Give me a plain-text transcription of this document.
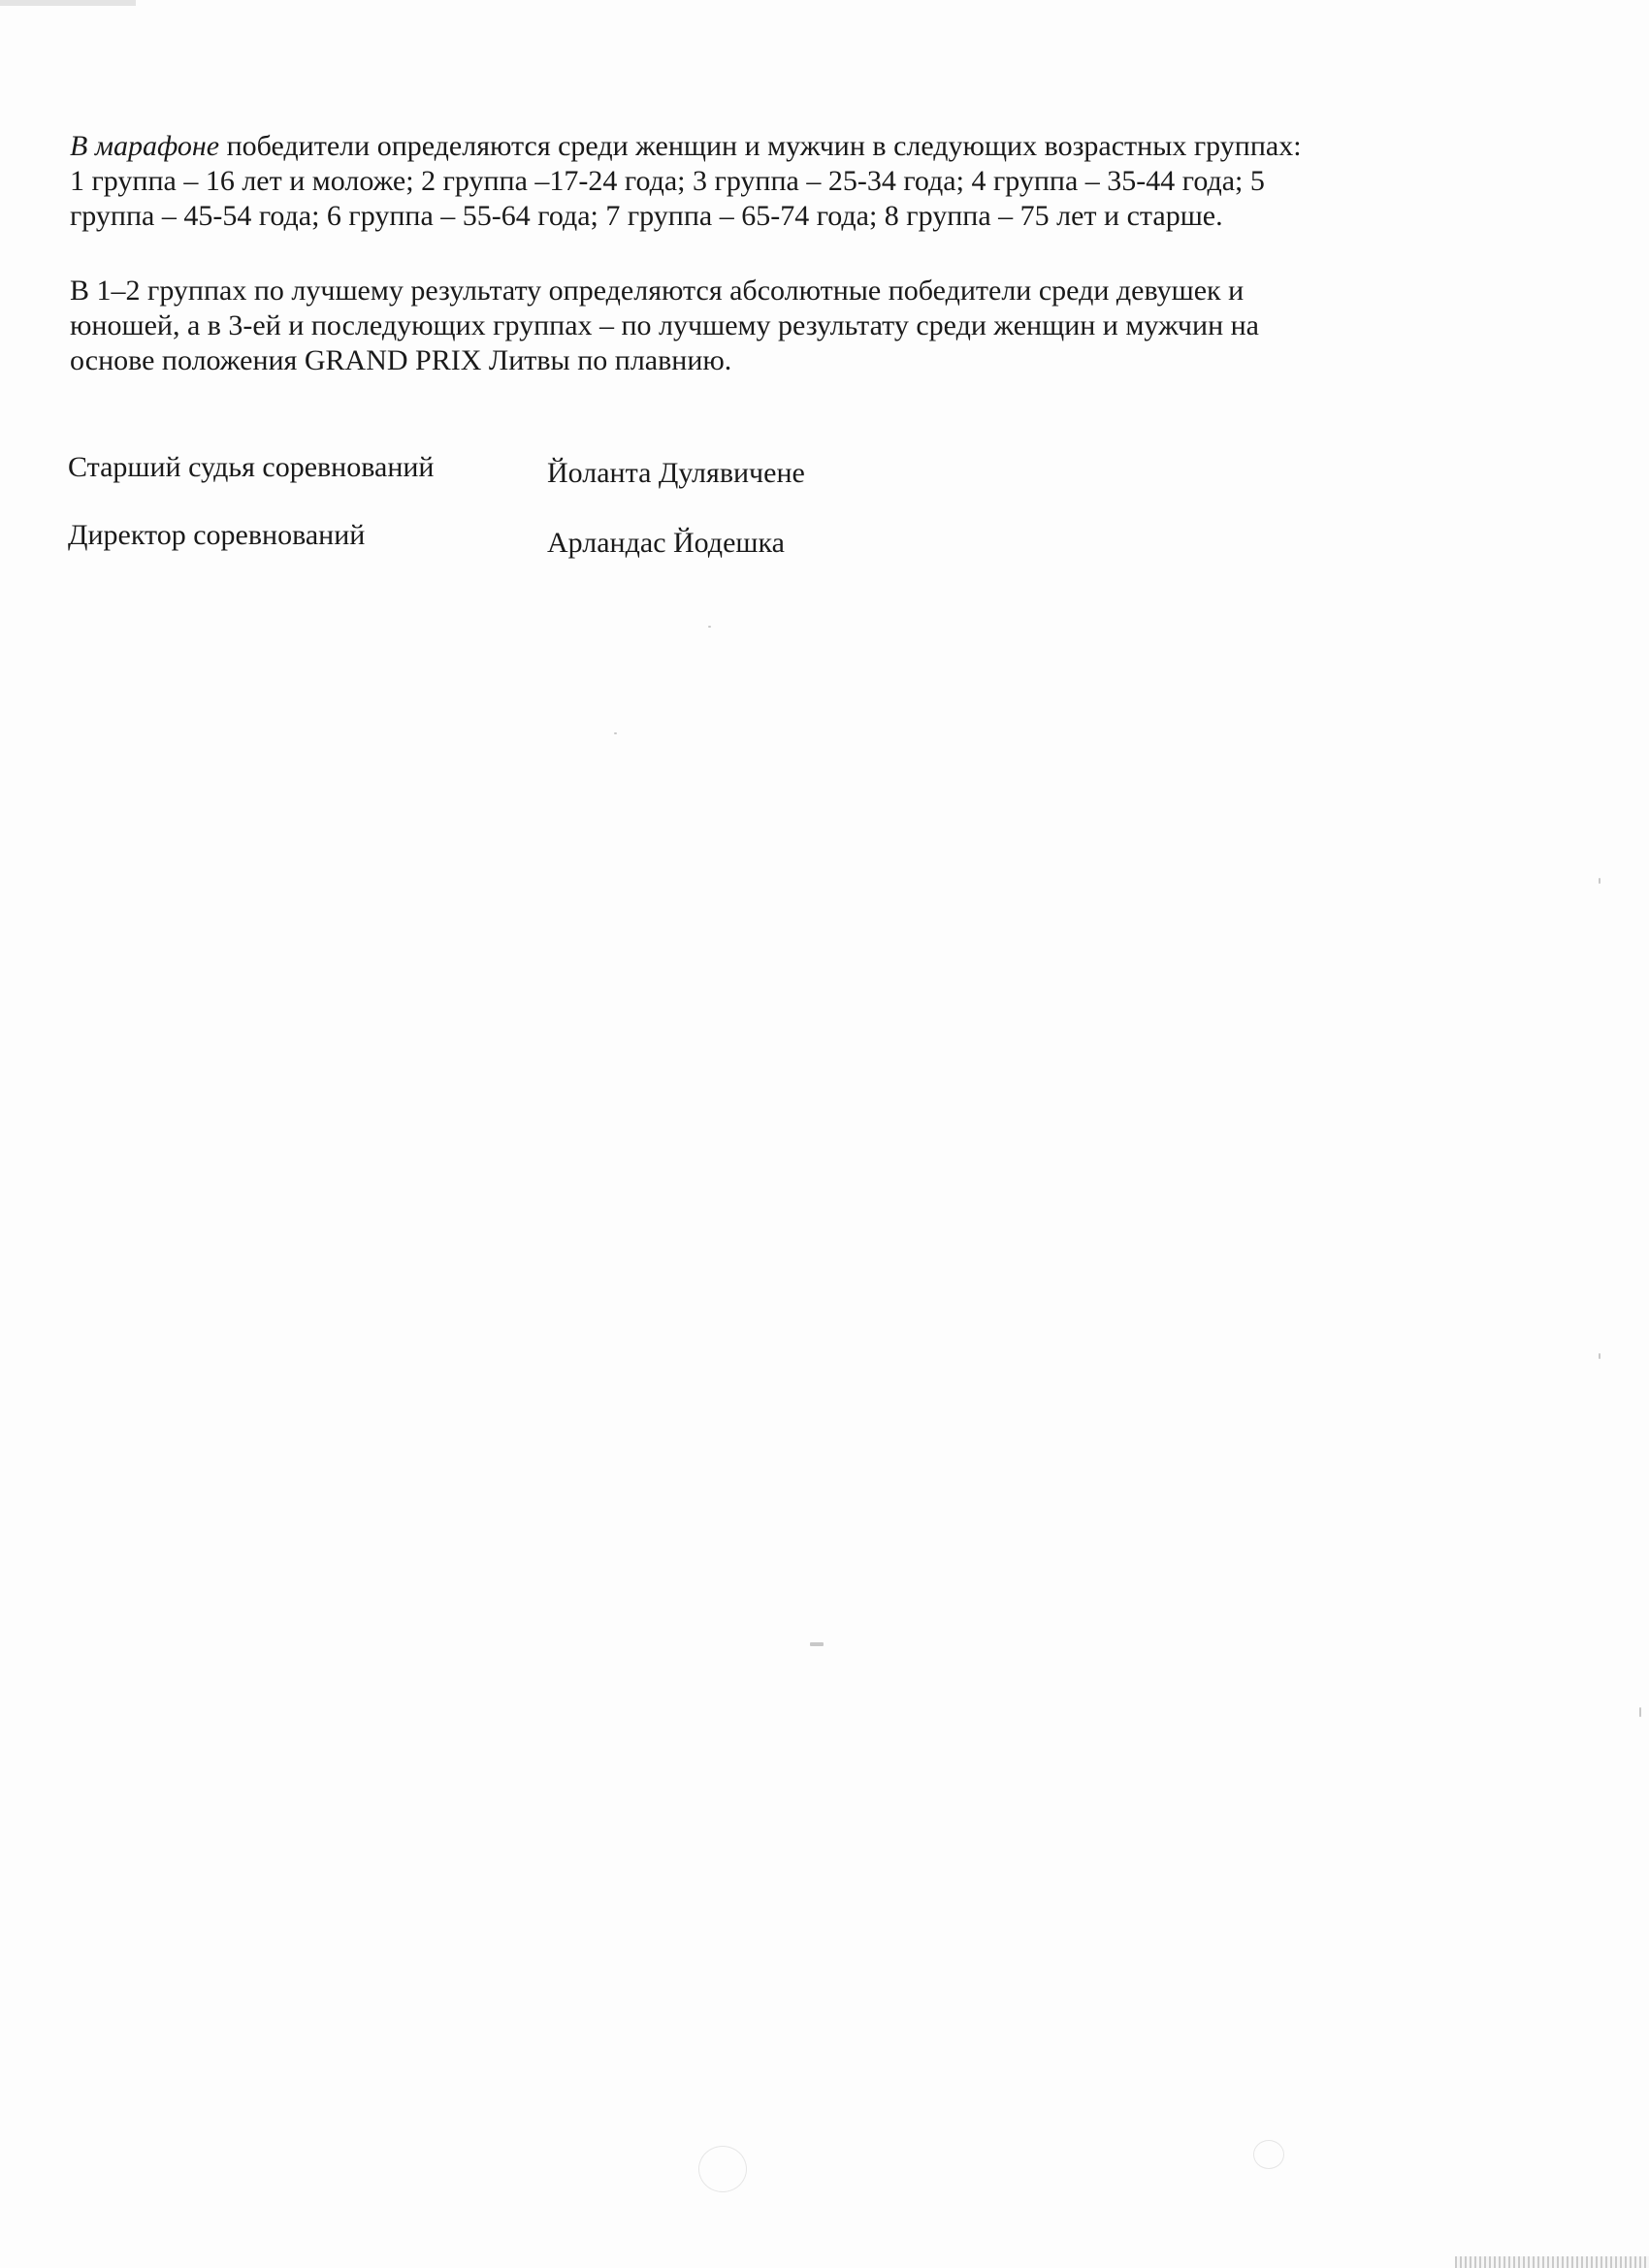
В марафоне победители определяются среди женщин и мужчин в следующих возрастных группах:
1 группа – 16 лет и моложе; 2 группа –17-24 года; 3 группа – 25-34 года; 4 группа – 35-44 года; 5
группа – 45-54 года; 6 группа – 55-64 года; 7 группа – 65-74 года; 8 группа – 75 лет и старше.

В 1–2 группах по лучшему результату определяются абсолютные победители среди девушек и
юношей, а в 3-ей и последующих группах – по лучшему результату среди женщин и мужчин на
основе положения GRAND PRIX Литвы по плавнию.

Старший судья соревнований	Йоланта Дулявичене
Директор соревнований	Арландас Йодешка
